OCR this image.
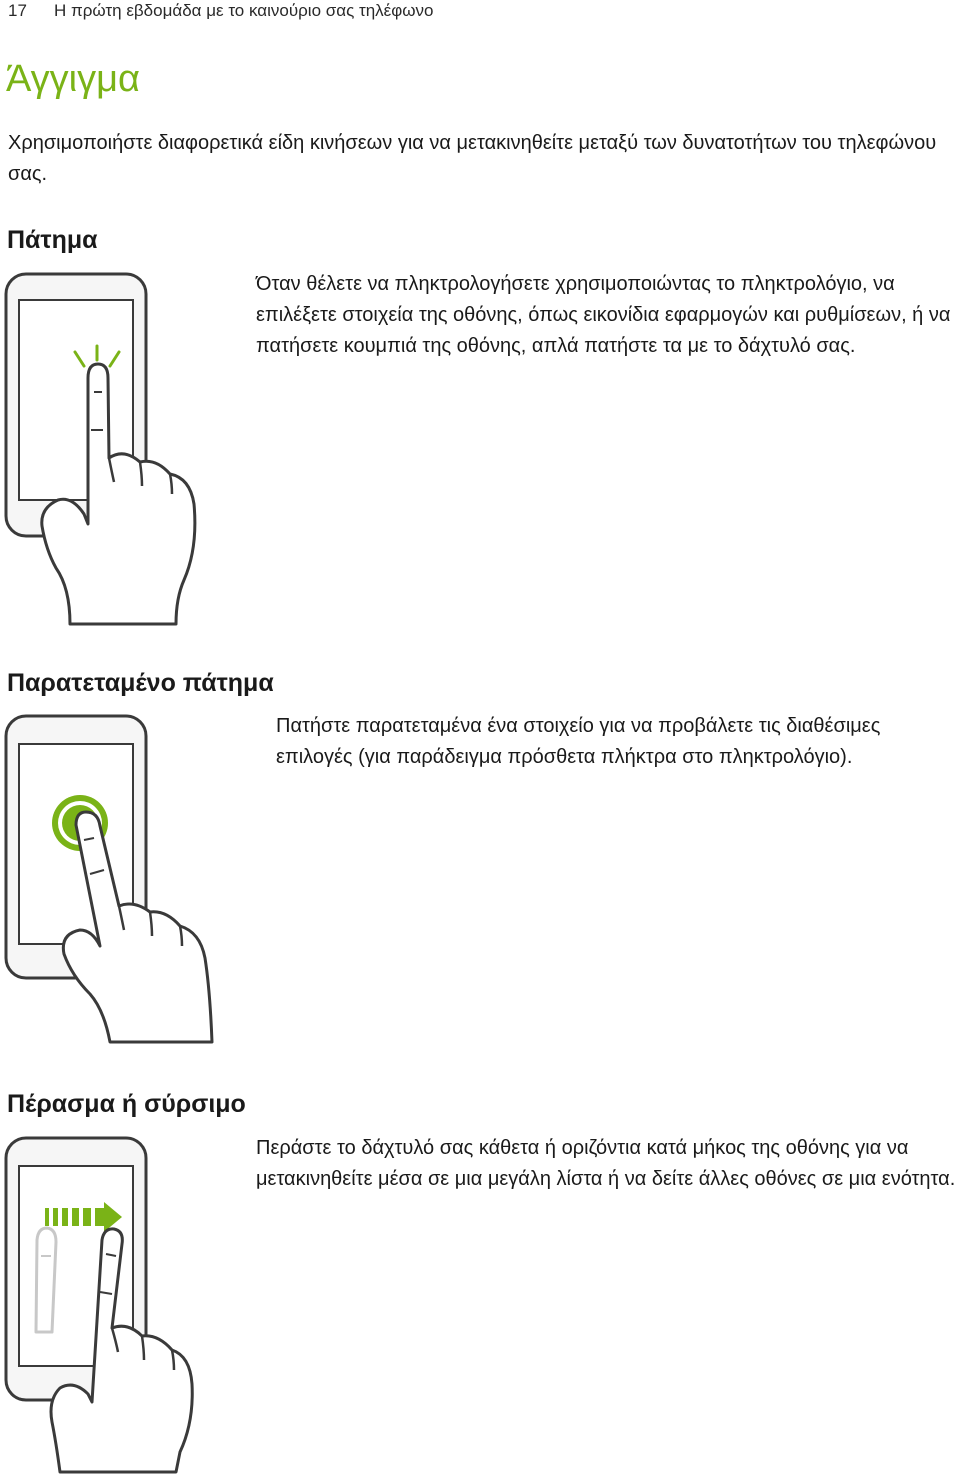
17 Η πρώτη εβδομάδα με το καινούριο σας τηλέφωνο
Άγγιγμα

Χρησιμοποιήστε διαφορετικά είδη κινήσεων για να μετακινηθείτε μεταξύ των δυνατοτήτων του τηλεφώνου σας.

Πάτημα

Όταν θέλετε να πληκτρολογήσετε χρησιμοποιώντας το πληκτρολόγιο, να επιλέξετε στοιχεία της οθόνης, όπως εικονίδια εφαρμογών και ρυθμίσεων, ή να πατήσετε κουμπιά της οθόνης, απλά πατήστε τα με το δάχτυλό σας.

Παρατεταμένο πάτημα

Πατήστε παρατεταμένα ένα στοιχείο για να προβάλετε τις διαθέσιμες επιλογές (για παράδειγμα πρόσθετα πλήκτρα στο πληκτρολόγιο).

Πέρασμα ή σύρσιμο

Περάστε το δάχτυλό σας κάθετα ή οριζόντια κατά μήκος της οθόνης για να μετακινηθείτε μέσα σε μια μεγάλη λίστα ή να δείτε άλλες οθόνες σε μια ενότητα.
